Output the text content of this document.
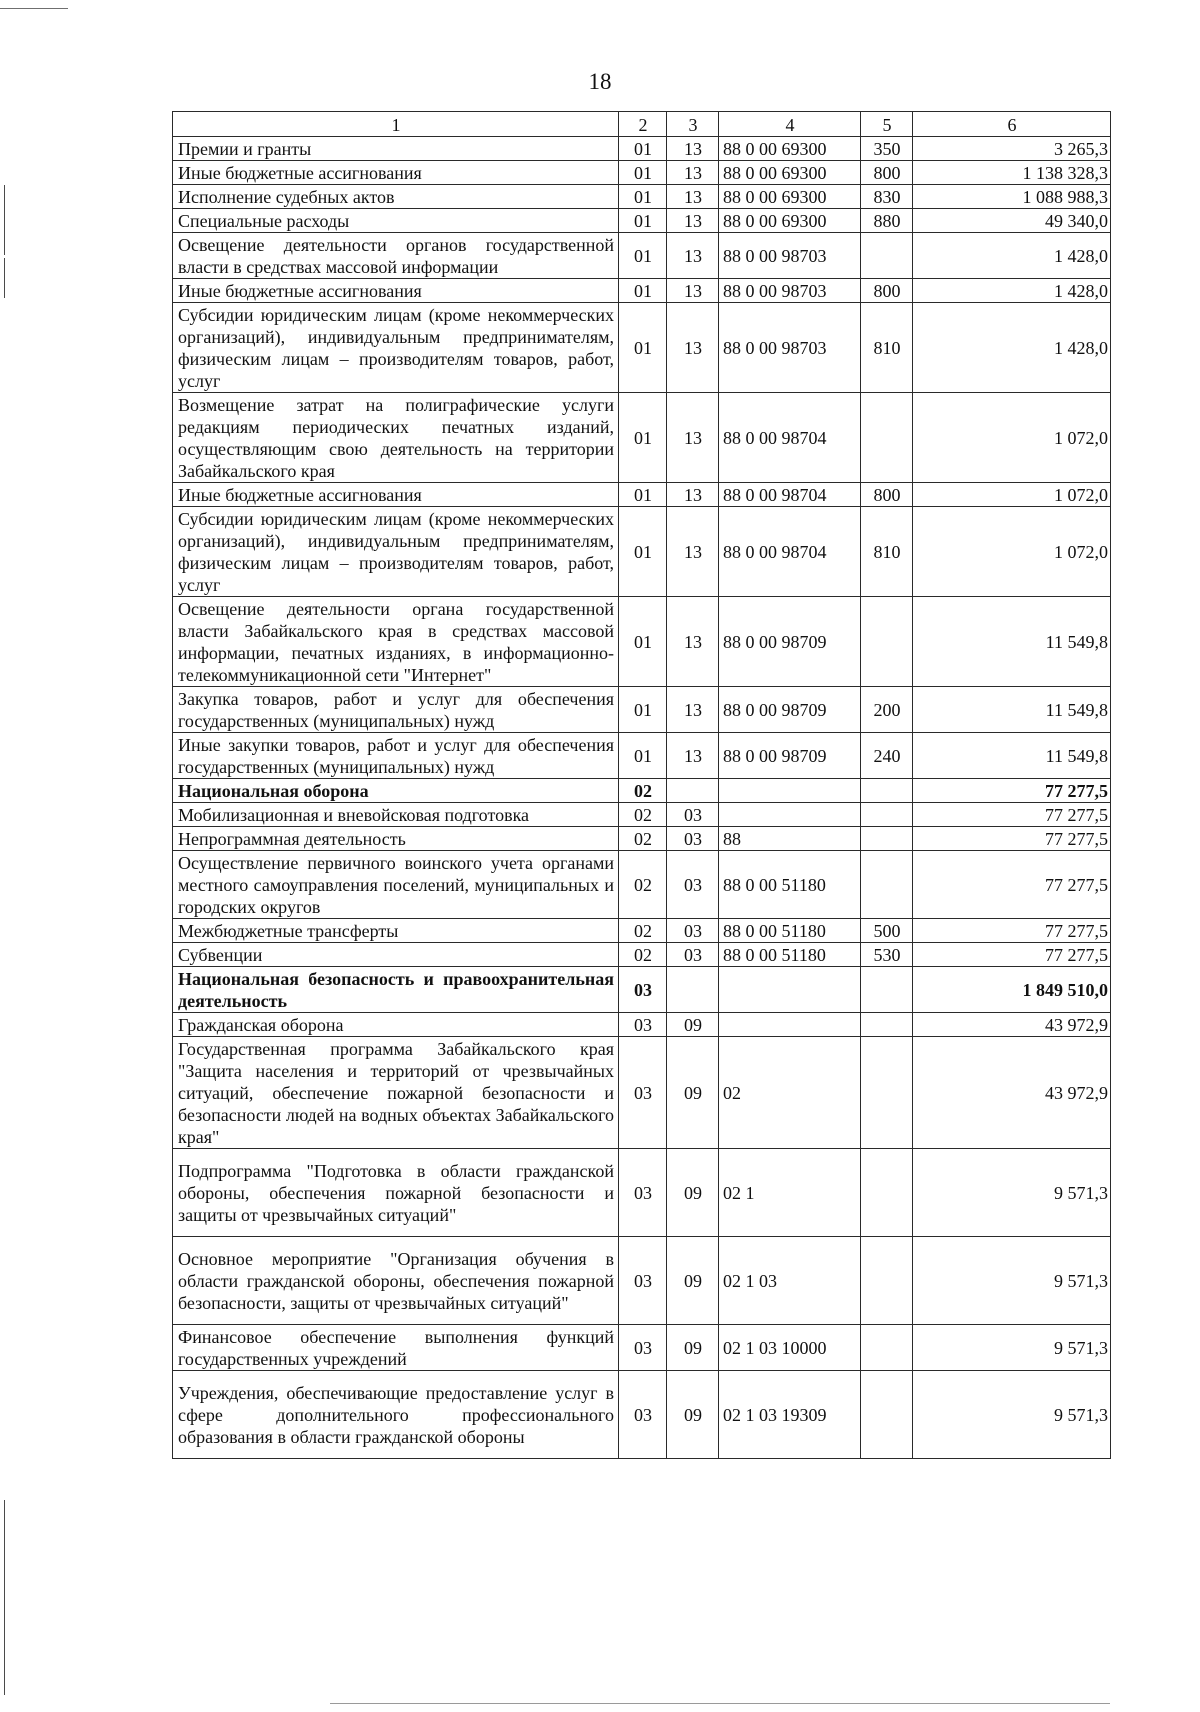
18
1	2	3	4	5	6
Премии и гранты	01	13	88 0 00 69300	350	3 265,3
Иные бюджетные ассигнования	01	13	88 0 00 69300	800	1 138 328,3
Исполнение судебных актов	01	13	88 0 00 69300	830	1 088 988,3
Специальные расходы	01	13	88 0 00 69300	880	49 340,0
Освещение деятельности органов государственной власти в средствах массовой информации	01	13	88 0 00 98703		1 428,0
Иные бюджетные ассигнования	01	13	88 0 00 98703	800	1 428,0
Субсидии юридическим лицам (кроме некоммерческих организаций), индивидуальным предпринимателям, физическим лицам – производителям товаров, работ, услуг	01	13	88 0 00 98703	810	1 428,0
Возмещение затрат на полиграфические услуги редакциям периодических печатных изданий, осуществляющим свою деятельность на территории Забайкальского края	01	13	88 0 00 98704		1 072,0
Иные бюджетные ассигнования	01	13	88 0 00 98704	800	1 072,0
Субсидии юридическим лицам (кроме некоммерческих организаций), индивидуальным предпринимателям, физическим лицам – производителям товаров, работ, услуг	01	13	88 0 00 98704	810	1 072,0
Освещение деятельности органа государственной власти Забайкальского края в средствах массовой информации, печатных изданиях, в информационно-телекоммуникационной сети "Интернет"	01	13	88 0 00 98709		11 549,8
Закупка товаров, работ и услуг для обеспечения государственных (муниципальных) нужд	01	13	88 0 00 98709	200	11 549,8
Иные закупки товаров, работ и услуг для обеспечения государственных (муниципальных) нужд	01	13	88 0 00 98709	240	11 549,8
Национальная оборона	02				77 277,5
Мобилизационная и вневойсковая подготовка	02	03			77 277,5
Непрограммная деятельность	02	03	88		77 277,5
Осуществление первичного воинского учета органами местного самоуправления поселений, муниципальных и городских округов	02	03	88 0 00 51180		77 277,5
Межбюджетные трансферты	02	03	88 0 00 51180	500	77 277,5
Субвенции	02	03	88 0 00 51180	530	77 277,5
Национальная безопасность и правоохранительная деятельность	03				1 849 510,0
Гражданская оборона	03	09			43 972,9
Государственная программа Забайкальского края "Защита населения и территорий от чрезвычайных ситуаций, обеспечение пожарной безопасности и безопасности людей на водных объектах Забайкальского края"	03	09	02		43 972,9
Подпрограмма "Подготовка в области гражданской обороны, обеспечения пожарной безопасности и защиты от чрезвычайных ситуаций"	03	09	02 1		9 571,3
Основное мероприятие "Организация обучения в области гражданской обороны, обеспечения пожарной безопасности, защиты от чрезвычайных ситуаций"	03	09	02 1 03		9 571,3
Финансовое обеспечение выполнения функций государственных учреждений	03	09	02 1 03 10000		9 571,3
Учреждения, обеспечивающие предоставление услуг в сфере дополнительного профессионального образования в области гражданской обороны	03	09	02 1 03 19309		9 571,3
